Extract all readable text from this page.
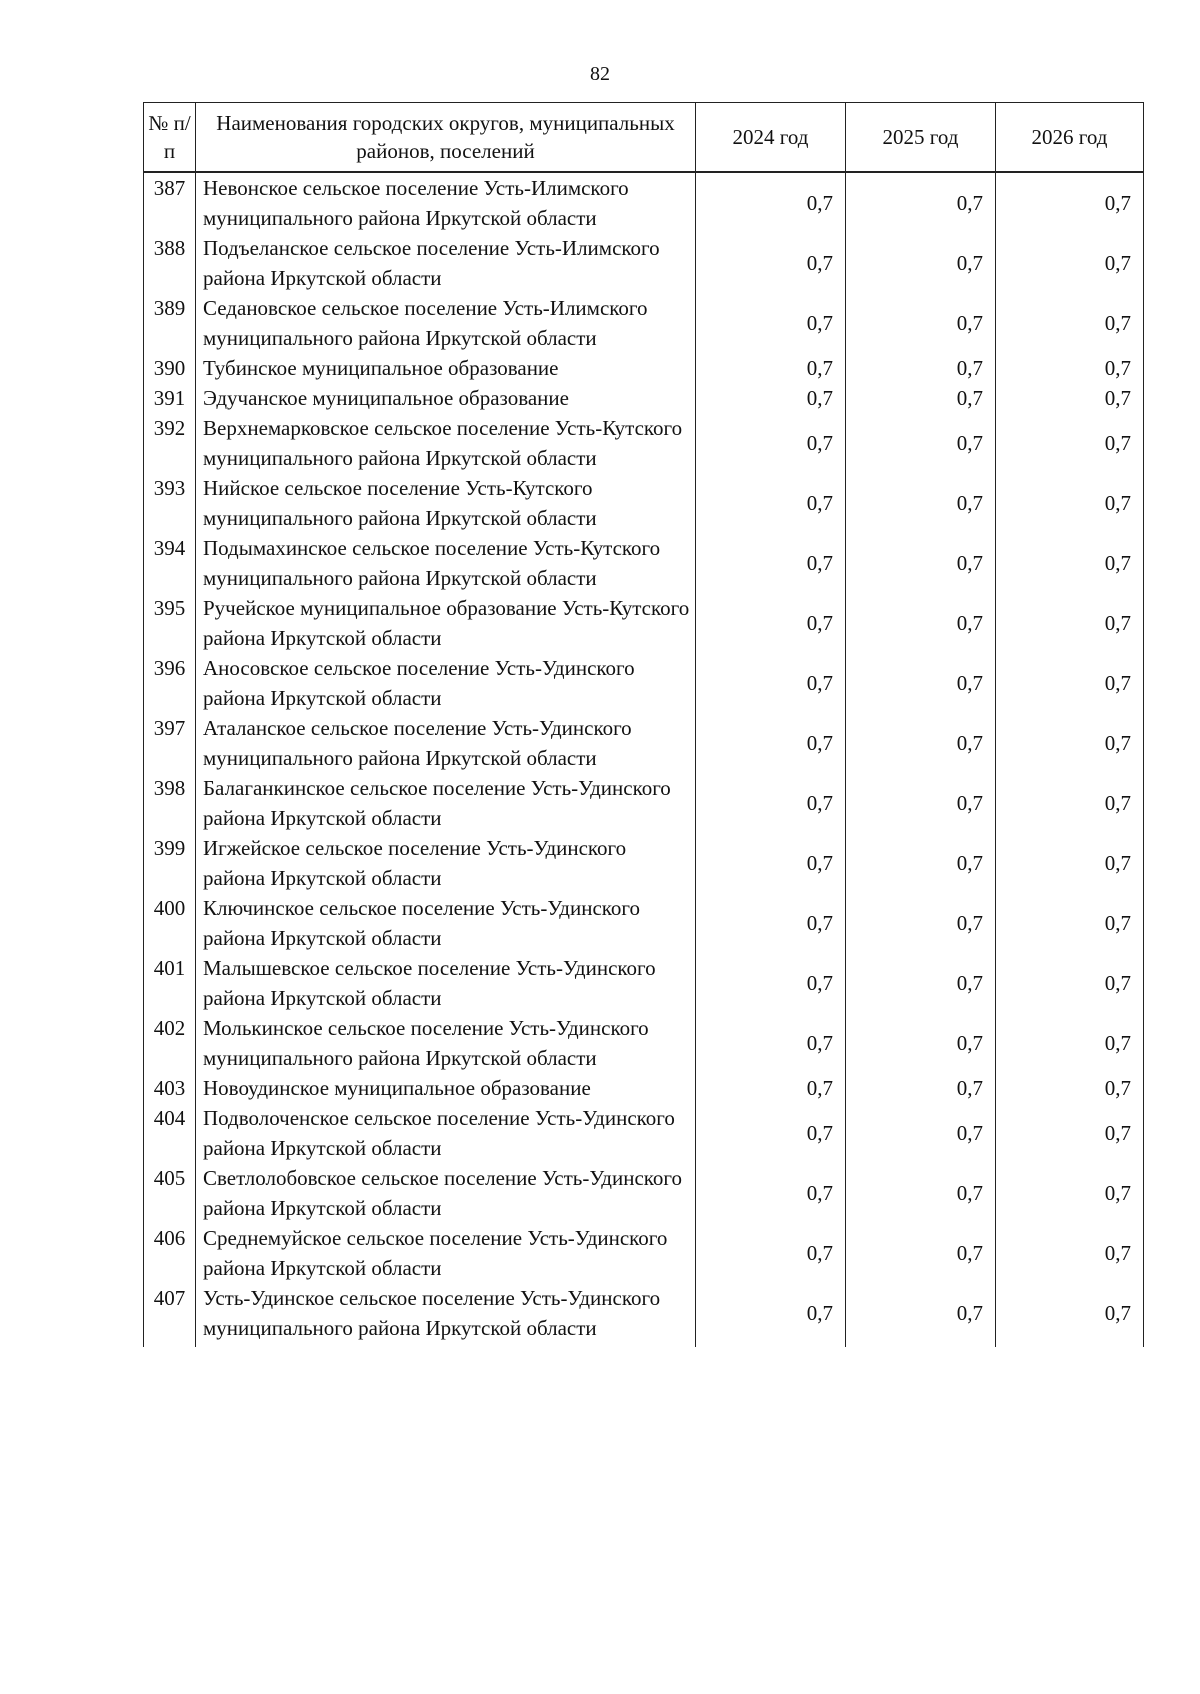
82
№ п/п	Наименования городских округов, муниципальных районов, поселений	2024 год	2025 год	2026 год
387	Невонское сельское поселение Усть-Илимского муниципального района Иркутской области	0,7	0,7	0,7
388	Подъеланское сельское поселение Усть-Илимского района Иркутской области	0,7	0,7	0,7
389	Седановское сельское поселение Усть-Илимского муниципального района Иркутской области	0,7	0,7	0,7
390	Тубинское муниципальное образование	0,7	0,7	0,7
391	Эдучанское муниципальное образование	0,7	0,7	0,7
392	Верхнемарковское сельское поселение Усть-Кутского муниципального района Иркутской области	0,7	0,7	0,7
393	Нийское сельское поселение Усть-Кутского муниципального района Иркутской области	0,7	0,7	0,7
394	Подымахинское сельское поселение Усть-Кутского муниципального района Иркутской области	0,7	0,7	0,7
395	Ручейское муниципальное образование Усть-Кутского района Иркутской области	0,7	0,7	0,7
396	Аносовское сельское поселение Усть-Удинского района Иркутской области	0,7	0,7	0,7
397	Аталанское сельское поселение Усть-Удинского муниципального района Иркутской области	0,7	0,7	0,7
398	Балаганкинское сельское поселение Усть-Удинского района Иркутской области	0,7	0,7	0,7
399	Игжейское сельское поселение Усть-Удинского района Иркутской области	0,7	0,7	0,7
400	Ключинское сельское поселение Усть-Удинского района Иркутской области	0,7	0,7	0,7
401	Малышевское сельское поселение Усть-Удинского района Иркутской области	0,7	0,7	0,7
402	Молькинское сельское поселение Усть-Удинского муниципального района Иркутской области	0,7	0,7	0,7
403	Новоудинское муниципальное образование	0,7	0,7	0,7
404	Подволоченское сельское поселение Усть-Удинского района Иркутской области	0,7	0,7	0,7
405	Светлолобовское сельское поселение Усть-Удинского района Иркутской области	0,7	0,7	0,7
406	Среднемуйское сельское поселение Усть-Удинского района Иркутской области	0,7	0,7	0,7
407	Усть-Удинское сельское поселение Усть-Удинского муниципального района Иркутской области	0,7	0,7	0,7
